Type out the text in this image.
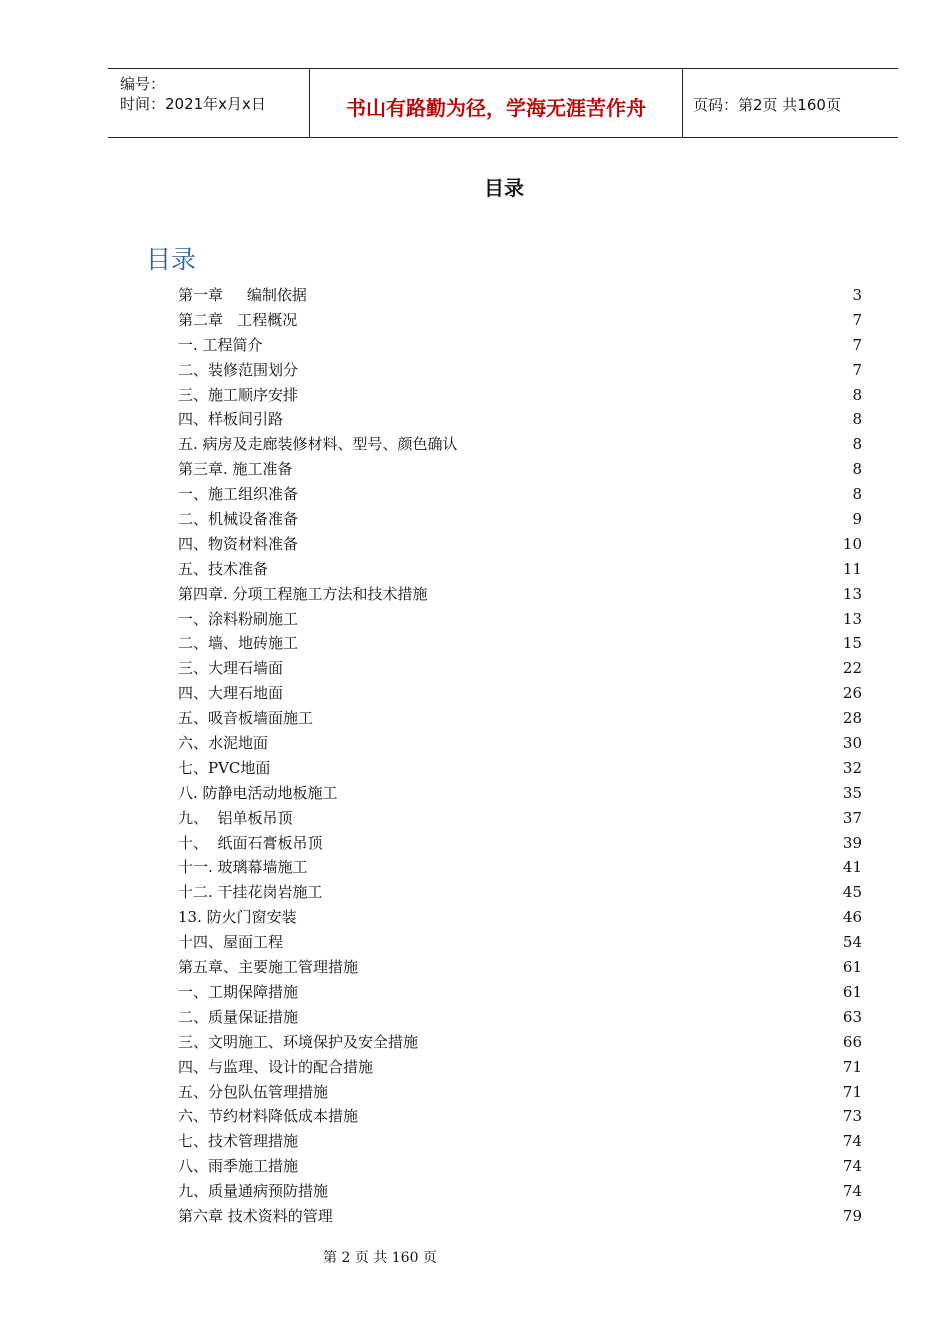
编号：
时间：2021年x月x日	书山有路勤为径，学海无涯苦作舟	页码：第2页 共160页
目录
目录
第一章     编制依据	3
第二章   工程概况	7
一. 工程简介	7
二、装修范围划分	7
三、施工顺序安排	8
四、样板间引路	8
五. 病房及走廊装修材料、型号、颜色确认	8
第三章. 施工准备	8
一、施工组织准备	8
二、机械设备准备	9
四、物资材料准备	10
五、技术准备	11
第四章. 分项工程施工方法和技术措施	13
一、涂料粉刷施工	13
二、墙、地砖施工	15
三、大理石墙面	22
四、大理石地面	26
五、吸音板墙面施工	28
六、水泥地面	30
七、PVC地面	32
八. 防静电活动地板施工	35
九、  铝单板吊顶	37
十、  纸面石膏板吊顶	39
十一. 玻璃幕墙施工	41
十二. 干挂花岗岩施工	45
13. 防火门窗安装	46
十四、屋面工程	54
第五章、主要施工管理措施	61
一、工期保障措施	61
二、质量保证措施	63
三、文明施工、环境保护及安全措施	66
四、与监理、设计的配合措施	71
五、分包队伍管理措施	71
六、节约材料降低成本措施	73
七、技术管理措施	74
八、雨季施工措施	74
九、质量通病预防措施	74
第六章 技术资料的管理	79
第 2 页 共 160 页
